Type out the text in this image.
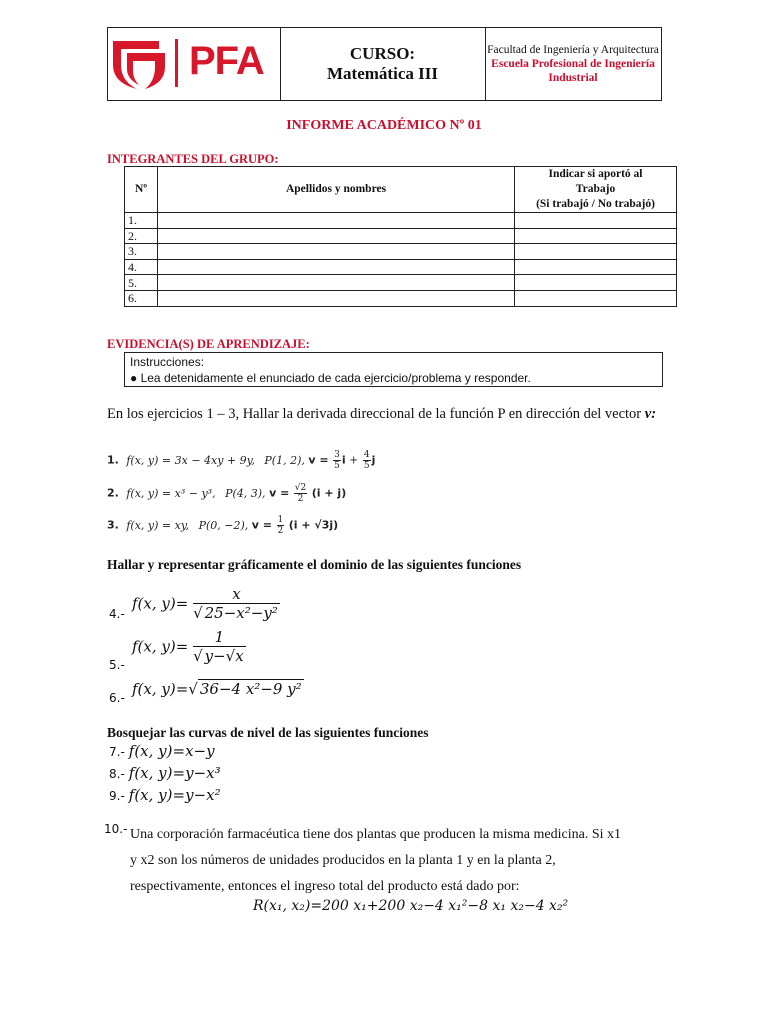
PFA	CURSO:
Matemática III
Facultad de Ingeniería y Arquitectura
Escuela Profesional de Ingeniería Industrial
INFORME ACADÉMICO Nº 01
INTEGRANTES DEL GRUPO:
Nº	Apellidos y nombres	Indicar si aportó al
Trabajo
(Si trabajó / No trabajó)

1.		
2.		
3.		
4.		
5.		
6.		
EVIDENCIA(S) DE APRENDIZAJE:
Instrucciones:
● Lea detenidamente el enunciado de cada ejercicio/problema y responder.
En los ejercicios 1 – 3, Hallar la derivada direccional de la función P en dirección del vector v:
1. f(x, y) = 3x − 4xy + 9y, P(1, 2), $v = \frac{3}{5}$ $i + \frac{4}{5}$ j
2. f(x, y) = x³ − y³, P(4, 3), $v = \frac{√2}{2} (i + j)$
3. f(x, y) = xy, P(0, −2), $v = \frac{1}{2} (i + √3j)$
Hallar y representar gráficamente el dominio de las siguientes funciones
4.-
f(x, $y)= \frac{x}{\text{√ 25−x²−y²}}$
5.-
f(x, $y)= \frac{1}{√ y-√x}$
6.- f(x, y)=√ 36−4 x²−9 y²
Bosquejar las curvas de nivel de las siguientes funciones
7.- f(x, y)=x−y
8.- f(x, y)=y−x³
9.- f(x, y)=y−x²
10.- Una corporación farmacéutica tiene dos plantas que producen la misma medicina. Si x1
y x2 son los números de unidades producidos en la planta 1 y en la planta 2,
respectivamente, entonces el ingreso total del producto está dado por:
R(x₁, x₂)=200 x₁+200 x₂−4 x₁²−8 x₁ x₂−4 x₂²
